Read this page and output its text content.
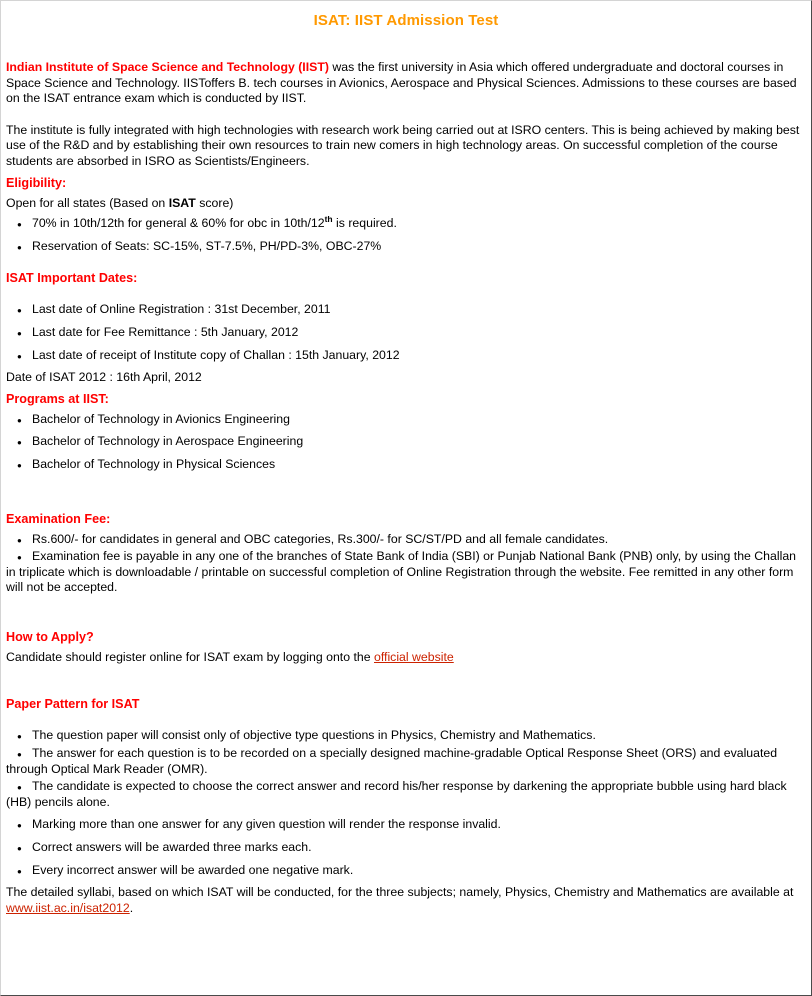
ISAT: IIST Admission Test

Indian Institute of Space Science and Technology (IIST) was the first university in Asia which offered undergraduate and doctoral courses in Space Science and Technology. IISToffers B. tech courses in Avionics, Aerospace and Physical Sciences. Admissions to these courses are based on the ISAT entrance exam which is conducted by IIST.

The institute is fully integrated with high technologies with research work being carried out at ISRO centers. This is being achieved by making best use of the R&D and by establishing their own resources to train new comers in high technology areas. On successful completion of the course students are absorbed in ISRO as Scientists/Engineers.

Eligibility:

Open for all states (Based on ISAT score)

●
70% in 10th/12th for general & 60% for obc in 10th/12th is required.
●
Reservation of Seats: SC-15%, ST-7.5%, PH/PD-3%, OBC-27%

ISAT Important Dates:

●
Last date of Online Registration : 31st December, 2011
●
Last date for Fee Remittance : 5th January, 2012
●
Last date of receipt of Institute copy of Challan : 15th January, 2012

Date of ISAT 2012 : 16th April, 2012

Programs at IIST:

●
Bachelor of Technology in Avionics Engineering
●
Bachelor of Technology in Aerospace Engineering
●
Bachelor of Technology in Physical Sciences

Examination Fee:

●
Rs.600/- for candidates in general and OBC categories, Rs.300/- for SC/ST/PD and all female candidates.
●
Examination fee is payable in any one of the branches of State Bank of India (SBI) or Punjab National Bank (PNB) only, by using the Challan in triplicate which is downloadable / printable on successful completion of Online Registration through the website. Fee remitted in any other form will not be accepted.

How to Apply?

Candidate should register online for ISAT exam by logging onto the official website

Paper Pattern for ISAT

●
The question paper will consist only of objective type questions in Physics, Chemistry and Mathematics.
●
The answer for each question is to be recorded on a specially designed machine-gradable Optical Response Sheet (ORS) and evaluated through Optical Mark Reader (OMR).
●
The candidate is expected to choose the correct answer and record his/her response by darkening the appropriate bubble using hard black (HB) pencils alone.
●
Marking more than one answer for any given question will render the response invalid.
●
Correct answers will be awarded three marks each.
●
Every incorrect answer will be awarded one negative mark.

The detailed syllabi, based on which ISAT will be conducted, for the three subjects; namely, Physics, Chemistry and Mathematics are available at www.iist.ac.in/isat2012.
